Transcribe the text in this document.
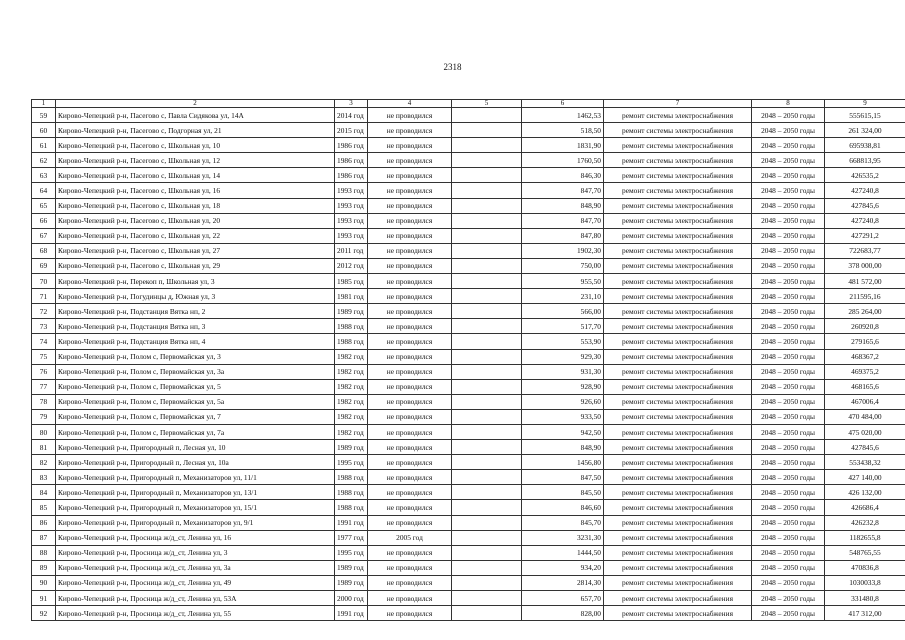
2318
1	2	3	4	5	6	7	8	9
59	Кирово-Чепецкий р-н, Пасегово с, Павла Сидякова ул, 14А	2014 год	не проводился		1462,53	ремонт системы электроснабжения	2048 – 2050 годы	555615,15
60	Кирово-Чепецкий р-н, Пасегово с, Подгорная ул, 21	2015 год	не проводился		518,50	ремонт системы электроснабжения	2048 – 2050 годы	261 324,00
61	Кирово-Чепецкий р-н, Пасегово с, Школьная ул, 10	1986 год	не проводился		1831,90	ремонт системы электроснабжения	2048 – 2050 годы	695938,81
62	Кирово-Чепецкий р-н, Пасегово с, Школьная ул, 12	1986 год	не проводился		1760,50	ремонт системы электроснабжения	2048 – 2050 годы	668813,95
63	Кирово-Чепецкий р-н, Пасегово с, Школьная ул, 14	1986 год	не проводился		846,30	ремонт системы электроснабжения	2048 – 2050 годы	426535,2
64	Кирово-Чепецкий р-н, Пасегово с, Школьная ул, 16	1993 год	не проводился		847,70	ремонт системы электроснабжения	2048 – 2050 годы	427240,8
65	Кирово-Чепецкий р-н, Пасегово с, Школьная ул, 18	1993 год	не проводился		848,90	ремонт системы электроснабжения	2048 – 2050 годы	427845,6
66	Кирово-Чепецкий р-н, Пасегово с, Школьная ул, 20	1993 год	не проводился		847,70	ремонт системы электроснабжения	2048 – 2050 годы	427240,8
67	Кирово-Чепецкий р-н, Пасегово с, Школьная ул, 22	1993 год	не проводился		847,80	ремонт системы электроснабжения	2048 – 2050 годы	427291,2
68	Кирово-Чепецкий р-н, Пасегово с, Школьная ул, 27	2011 год	не проводился		1902,30	ремонт системы электроснабжения	2048 – 2050 годы	722683,77
69	Кирово-Чепецкий р-н, Пасегово с, Школьная ул, 29	2012 год	не проводился		750,00	ремонт системы электроснабжения	2048 – 2050 годы	378 000,00
70	Кирово-Чепецкий р-н, Перекоп п, Школьная ул, 3	1985 год	не проводился		955,50	ремонт системы электроснабжения	2048 – 2050 годы	481 572,00
71	Кирово-Чепецкий р-н, Погудинцы д, Южная ул, 3	1981 год	не проводился		231,10	ремонт системы электроснабжения	2048 – 2050 годы	211595,16
72	Кирово-Чепецкий р-н, Подстанция Вятка нп, 2	1989 год	не проводился		566,00	ремонт системы электроснабжения	2048 – 2050 годы	285 264,00
73	Кирово-Чепецкий р-н, Подстанция Вятка нп, 3	1988 год	не проводился		517,70	ремонт системы электроснабжения	2048 – 2050 годы	260920,8
74	Кирово-Чепецкий р-н, Подстанция Вятка нп, 4	1988 год	не проводился		553,90	ремонт системы электроснабжения	2048 – 2050 годы	279165,6
75	Кирово-Чепецкий р-н, Полом с, Первомайская ул, 3	1982 год	не проводился		929,30	ремонт системы электроснабжения	2048 – 2050 годы	468367,2
76	Кирово-Чепецкий р-н, Полом с, Первомайская ул, 3а	1982 год	не проводился		931,30	ремонт системы электроснабжения	2048 – 2050 годы	469375,2
77	Кирово-Чепецкий р-н, Полом с, Первомайская ул, 5	1982 год	не проводился		928,90	ремонт системы электроснабжения	2048 – 2050 годы	468165,6
78	Кирово-Чепецкий р-н, Полом с, Первомайская ул, 5а	1982 год	не проводился		926,60	ремонт системы электроснабжения	2048 – 2050 годы	467006,4
79	Кирово-Чепецкий р-н, Полом с, Первомайская ул, 7	1982 год	не проводился		933,50	ремонт системы электроснабжения	2048 – 2050 годы	470 484,00
80	Кирово-Чепецкий р-н, Полом с, Первомайская ул, 7а	1982 год	не проводился		942,50	ремонт системы электроснабжения	2048 – 2050 годы	475 020,00
81	Кирово-Чепецкий р-н, Пригородный п, Лесная ул, 10	1989 год	не проводился		848,90	ремонт системы электроснабжения	2048 – 2050 годы	427845,6
82	Кирово-Чепецкий р-н, Пригородный п, Лесная ул, 10а	1995 год	не проводился		1456,80	ремонт системы электроснабжения	2048 – 2050 годы	553438,32
83	Кирово-Чепецкий р-н, Пригородный п, Механизаторов ул, 11/1	1988 год	не проводился		847,50	ремонт системы электроснабжения	2048 – 2050 годы	427 140,00
84	Кирово-Чепецкий р-н, Пригородный п, Механизаторов ул, 13/1	1988 год	не проводился		845,50	ремонт системы электроснабжения	2048 – 2050 годы	426 132,00
85	Кирово-Чепецкий р-н, Пригородный п, Механизаторов ул, 15/1	1988 год	не проводился		846,60	ремонт системы электроснабжения	2048 – 2050 годы	426686,4
86	Кирово-Чепецкий р-н, Пригородный п, Механизаторов ул, 9/1	1991 год	не проводился		845,70	ремонт системы электроснабжения	2048 – 2050 годы	426232,8
87	Кирово-Чепецкий р-н, Просница ж/д_ст, Ленина ул, 16	1977 год	2005 год		3231,30	ремонт системы электроснабжения	2048 – 2050 годы	1182655,8
88	Кирово-Чепецкий р-н, Просница ж/д_ст, Ленина ул, 3	1995 год	не проводился		1444,50	ремонт системы электроснабжения	2048 – 2050 годы	548765,55
89	Кирово-Чепецкий р-н, Просница ж/д_ст, Ленина ул, 3а	1989 год	не проводился		934,20	ремонт системы электроснабжения	2048 – 2050 годы	470836,8
90	Кирово-Чепецкий р-н, Просница ж/д_ст, Ленина ул, 49	1989 год	не проводился		2814,30	ремонт системы электроснабжения	2048 – 2050 годы	1030033,8
91	Кирово-Чепецкий р-н, Просница ж/д_ст, Ленина ул, 53А	2000 год	не проводился		657,70	ремонт системы электроснабжения	2048 – 2050 годы	331480,8
92	Кирово-Чепецкий р-н, Просница ж/д_ст, Ленина ул, 55	1991 год	не проводился		828,00	ремонт системы электроснабжения	2048 – 2050 годы	417 312,00
